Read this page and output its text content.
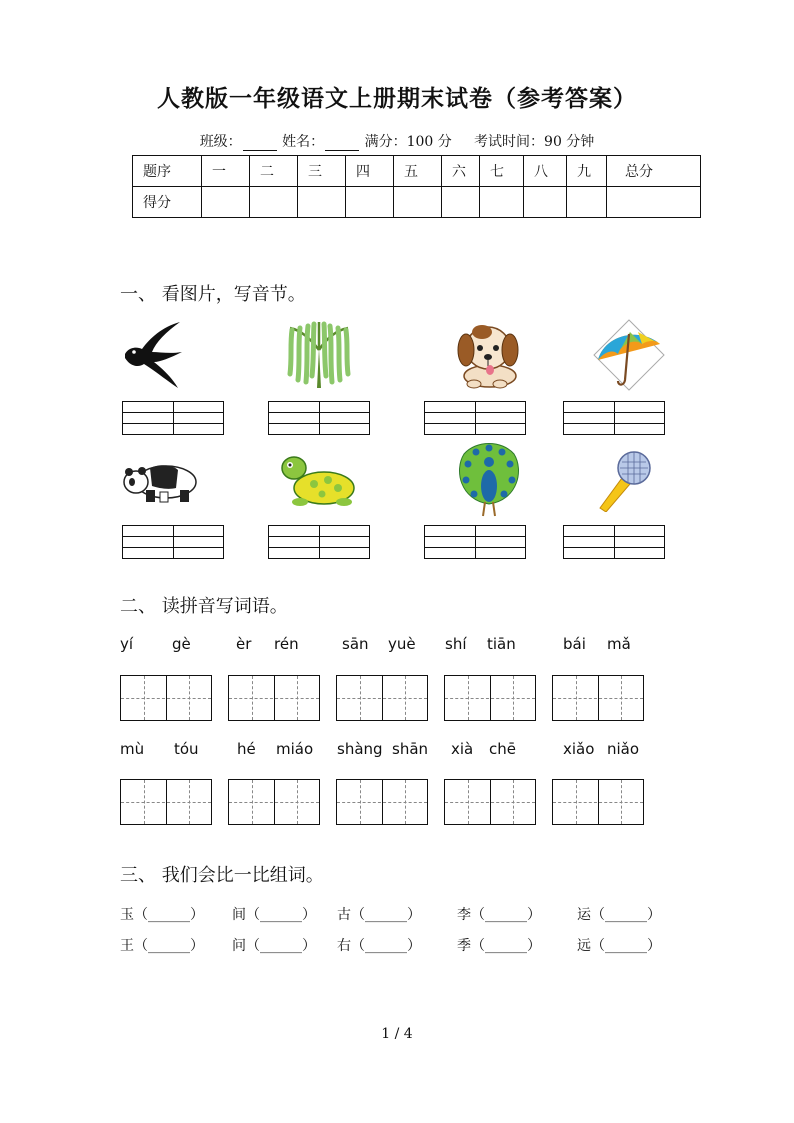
人教版一年级语文上册期末试卷（参考答案）
班级：	姓名：	满分：100 分 考试时间：90 分钟
题序	一	二	三	四	五	六	七	八	九	总分
得分										
一、 看图片，写音节。
二、 读拼音写词语。
yí	gè	èr rén	sān yuè shí tiān	bái mǎ
mù tóu	hé miáo shàng shān xià chē	xiǎo niǎo
三、 我们会比一比组词。
玉（______） 间（______） 古（______）	李（______）	运（______）
王（______） 问（______） 右（______）	季（______）	远（______）
1 / 4
